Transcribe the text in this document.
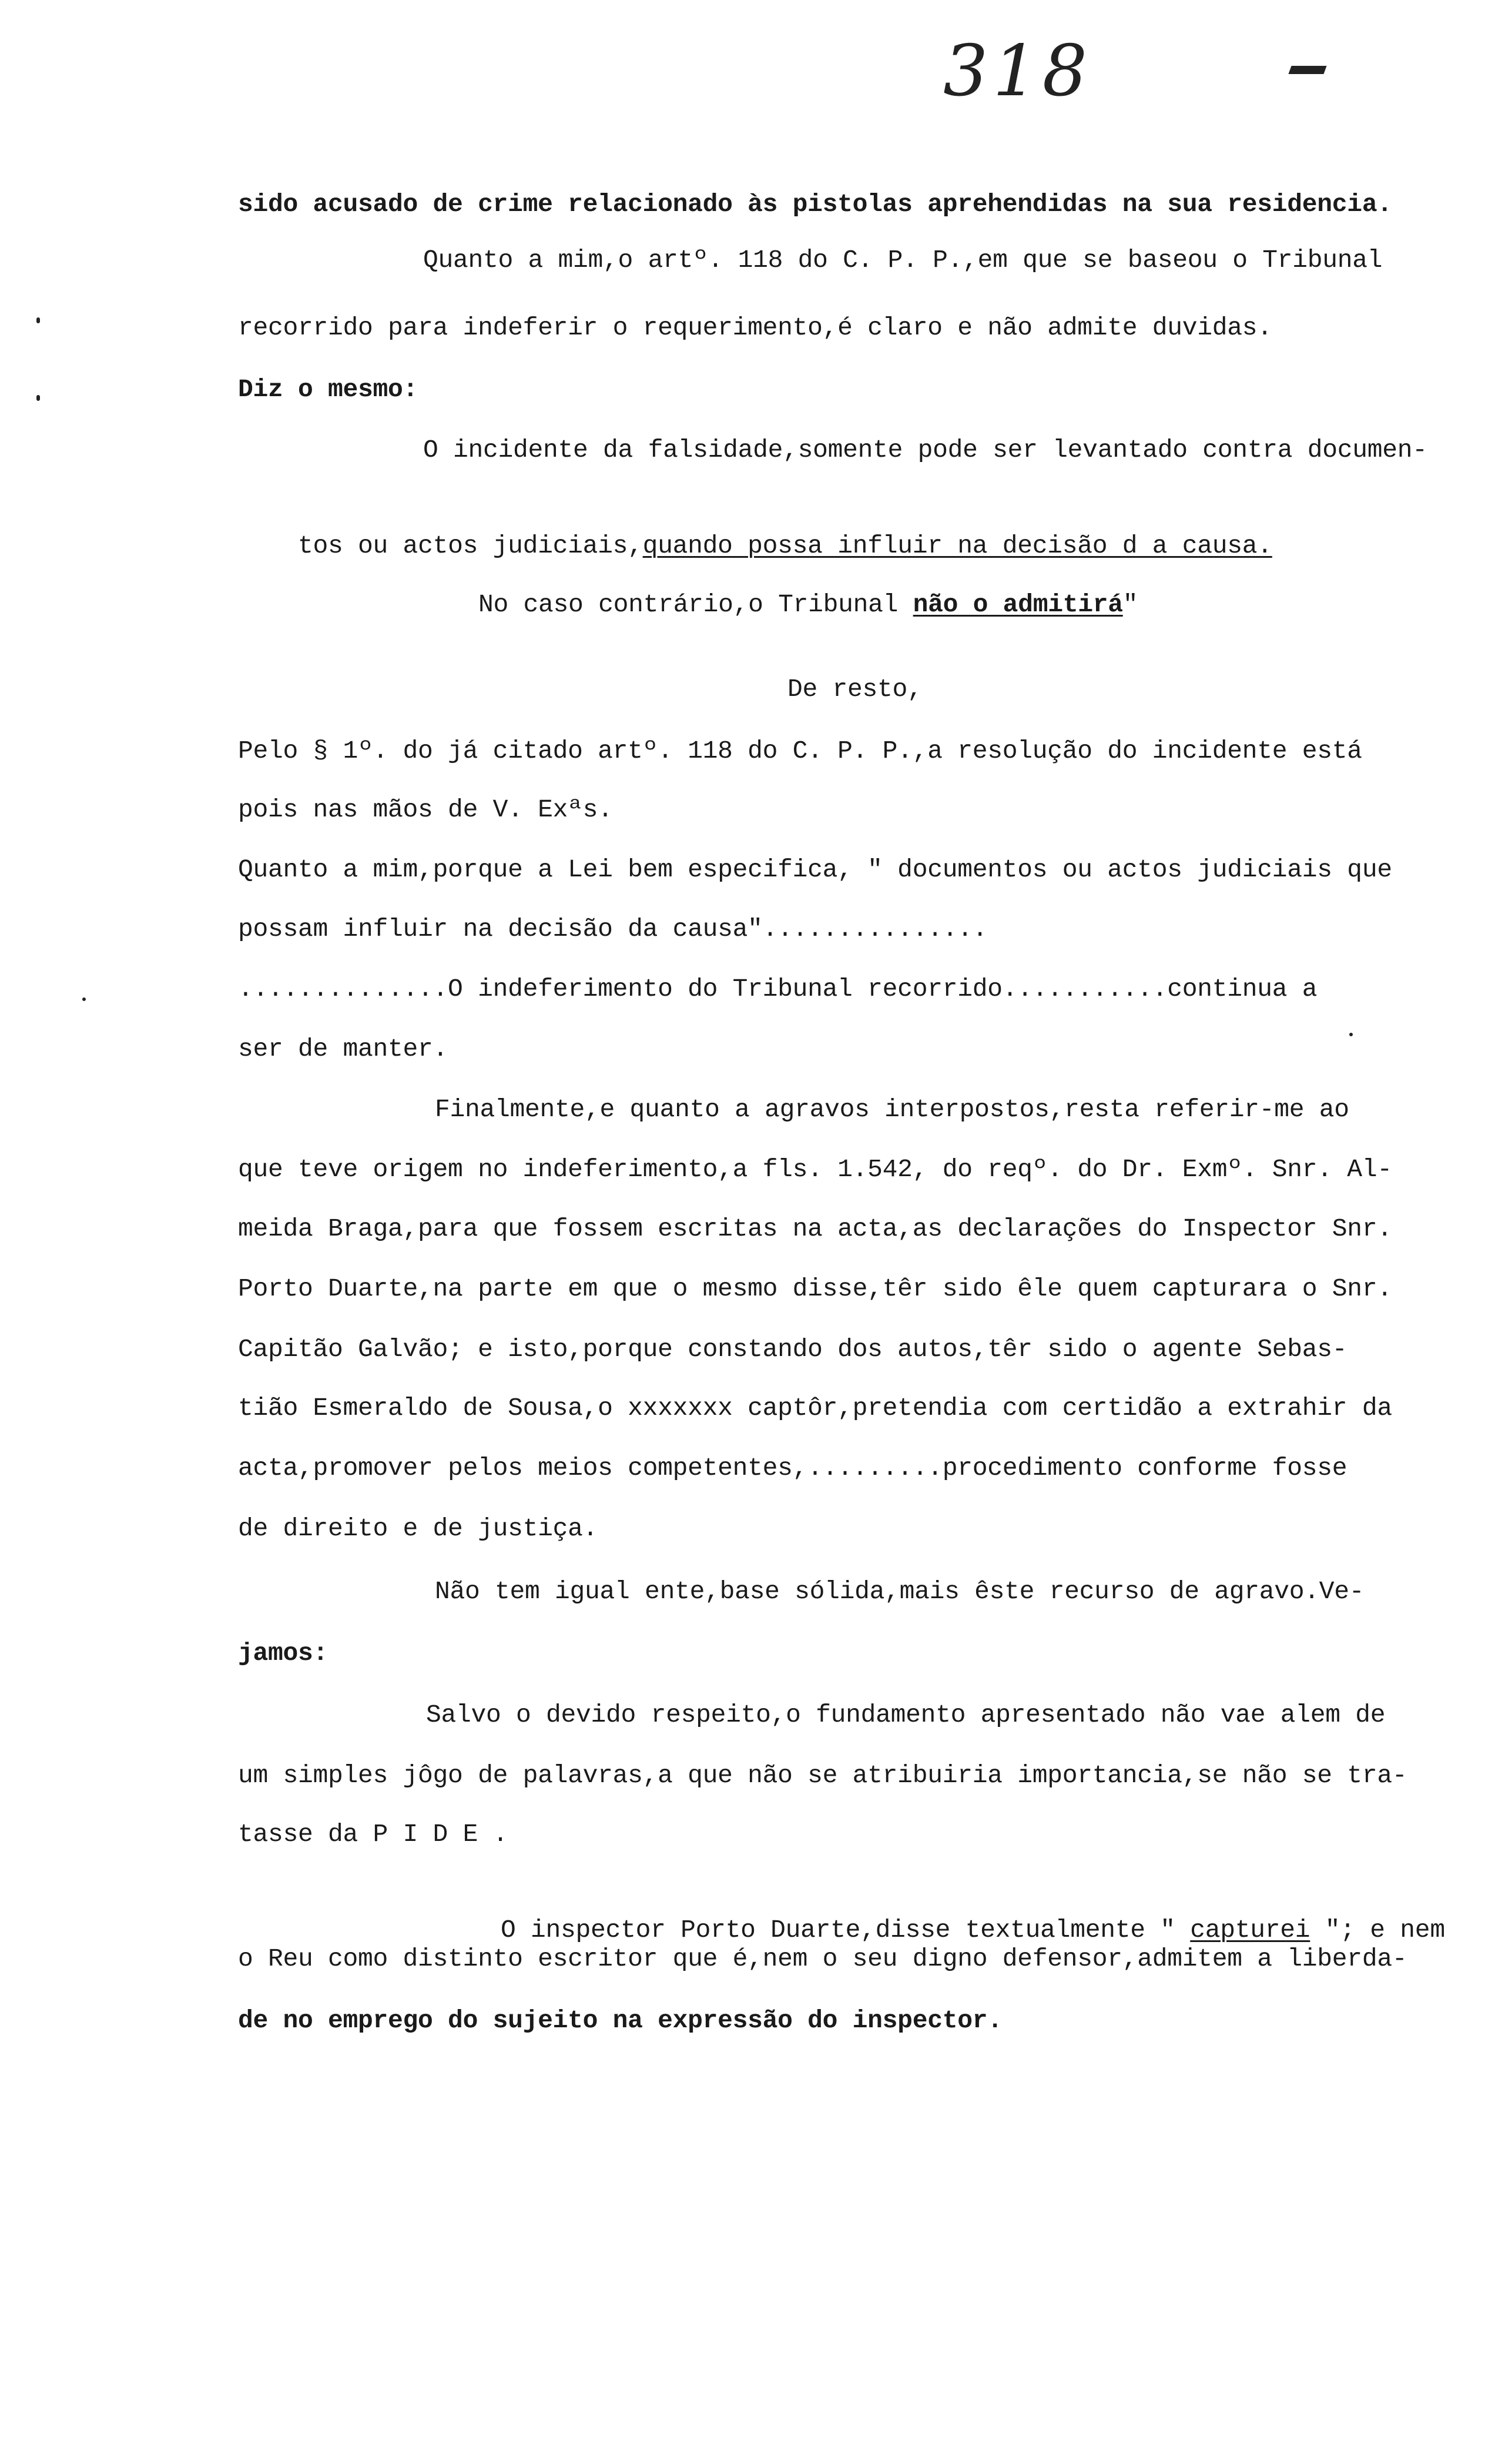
318
sido acusado de crime relacionado às pistolas aprehendidas na sua residencia.
Quanto a mim,o artº. 118 do C. P. P.,em que se baseou o Tribunal
recorrido para indeferir o requerimento,é claro e não admite duvidas.
Diz o mesmo:
O incidente da falsidade,somente pode ser levantado contra documen-

tos ou actos judiciais,quando possa influir na decisão d a causa.

No caso contrário,o Tribunal não o admitirá"

De resto,
Pelo § 1º. do já citado artº. 118 do C. P. P.,a resolução do incidente está
pois nas mãos de V. Exªs.
Quanto a mim,porque a Lei bem especifica, " documentos ou actos judiciais que
possam influir na decisão da causa"...............
..............O indeferimento do Tribunal recorrido...........continua a
ser de manter.
Finalmente,e quanto a agravos interpostos,resta referir-me ao
que teve origem no indeferimento,a fls. 1.542, do reqº. do Dr. Exmº. Snr. Al-
meida Braga,para que fossem escritas na acta,as declarações do Inspector Snr.
Porto Duarte,na parte em que o mesmo disse,têr sido êle quem capturara o Snr.
Capitão Galvão; e isto,porque constando dos autos,têr sido o agente Sebas-
tião Esmeraldo de Sousa,o xxxxxxx captôr,pretendia com certidão a extrahir da
acta,promover pelos meios competentes,.........procedimento conforme fosse
de direito e de justiça.
Não tem igual ente,base sólida,mais êste recurso de agravo.Ve-
jamos:
Salvo o devido respeito,o fundamento apresentado não vae alem de
um simples jôgo de palavras,a que não se atribuiria importancia,se não se tra-
tasse da P I D E .

O inspector Porto Duarte,disse textualmente " capturei "; e nem

o Reu como distinto escritor que é,nem o seu digno defensor,admitem a liberda-
de no emprego do sujeito na expressão do inspector.
